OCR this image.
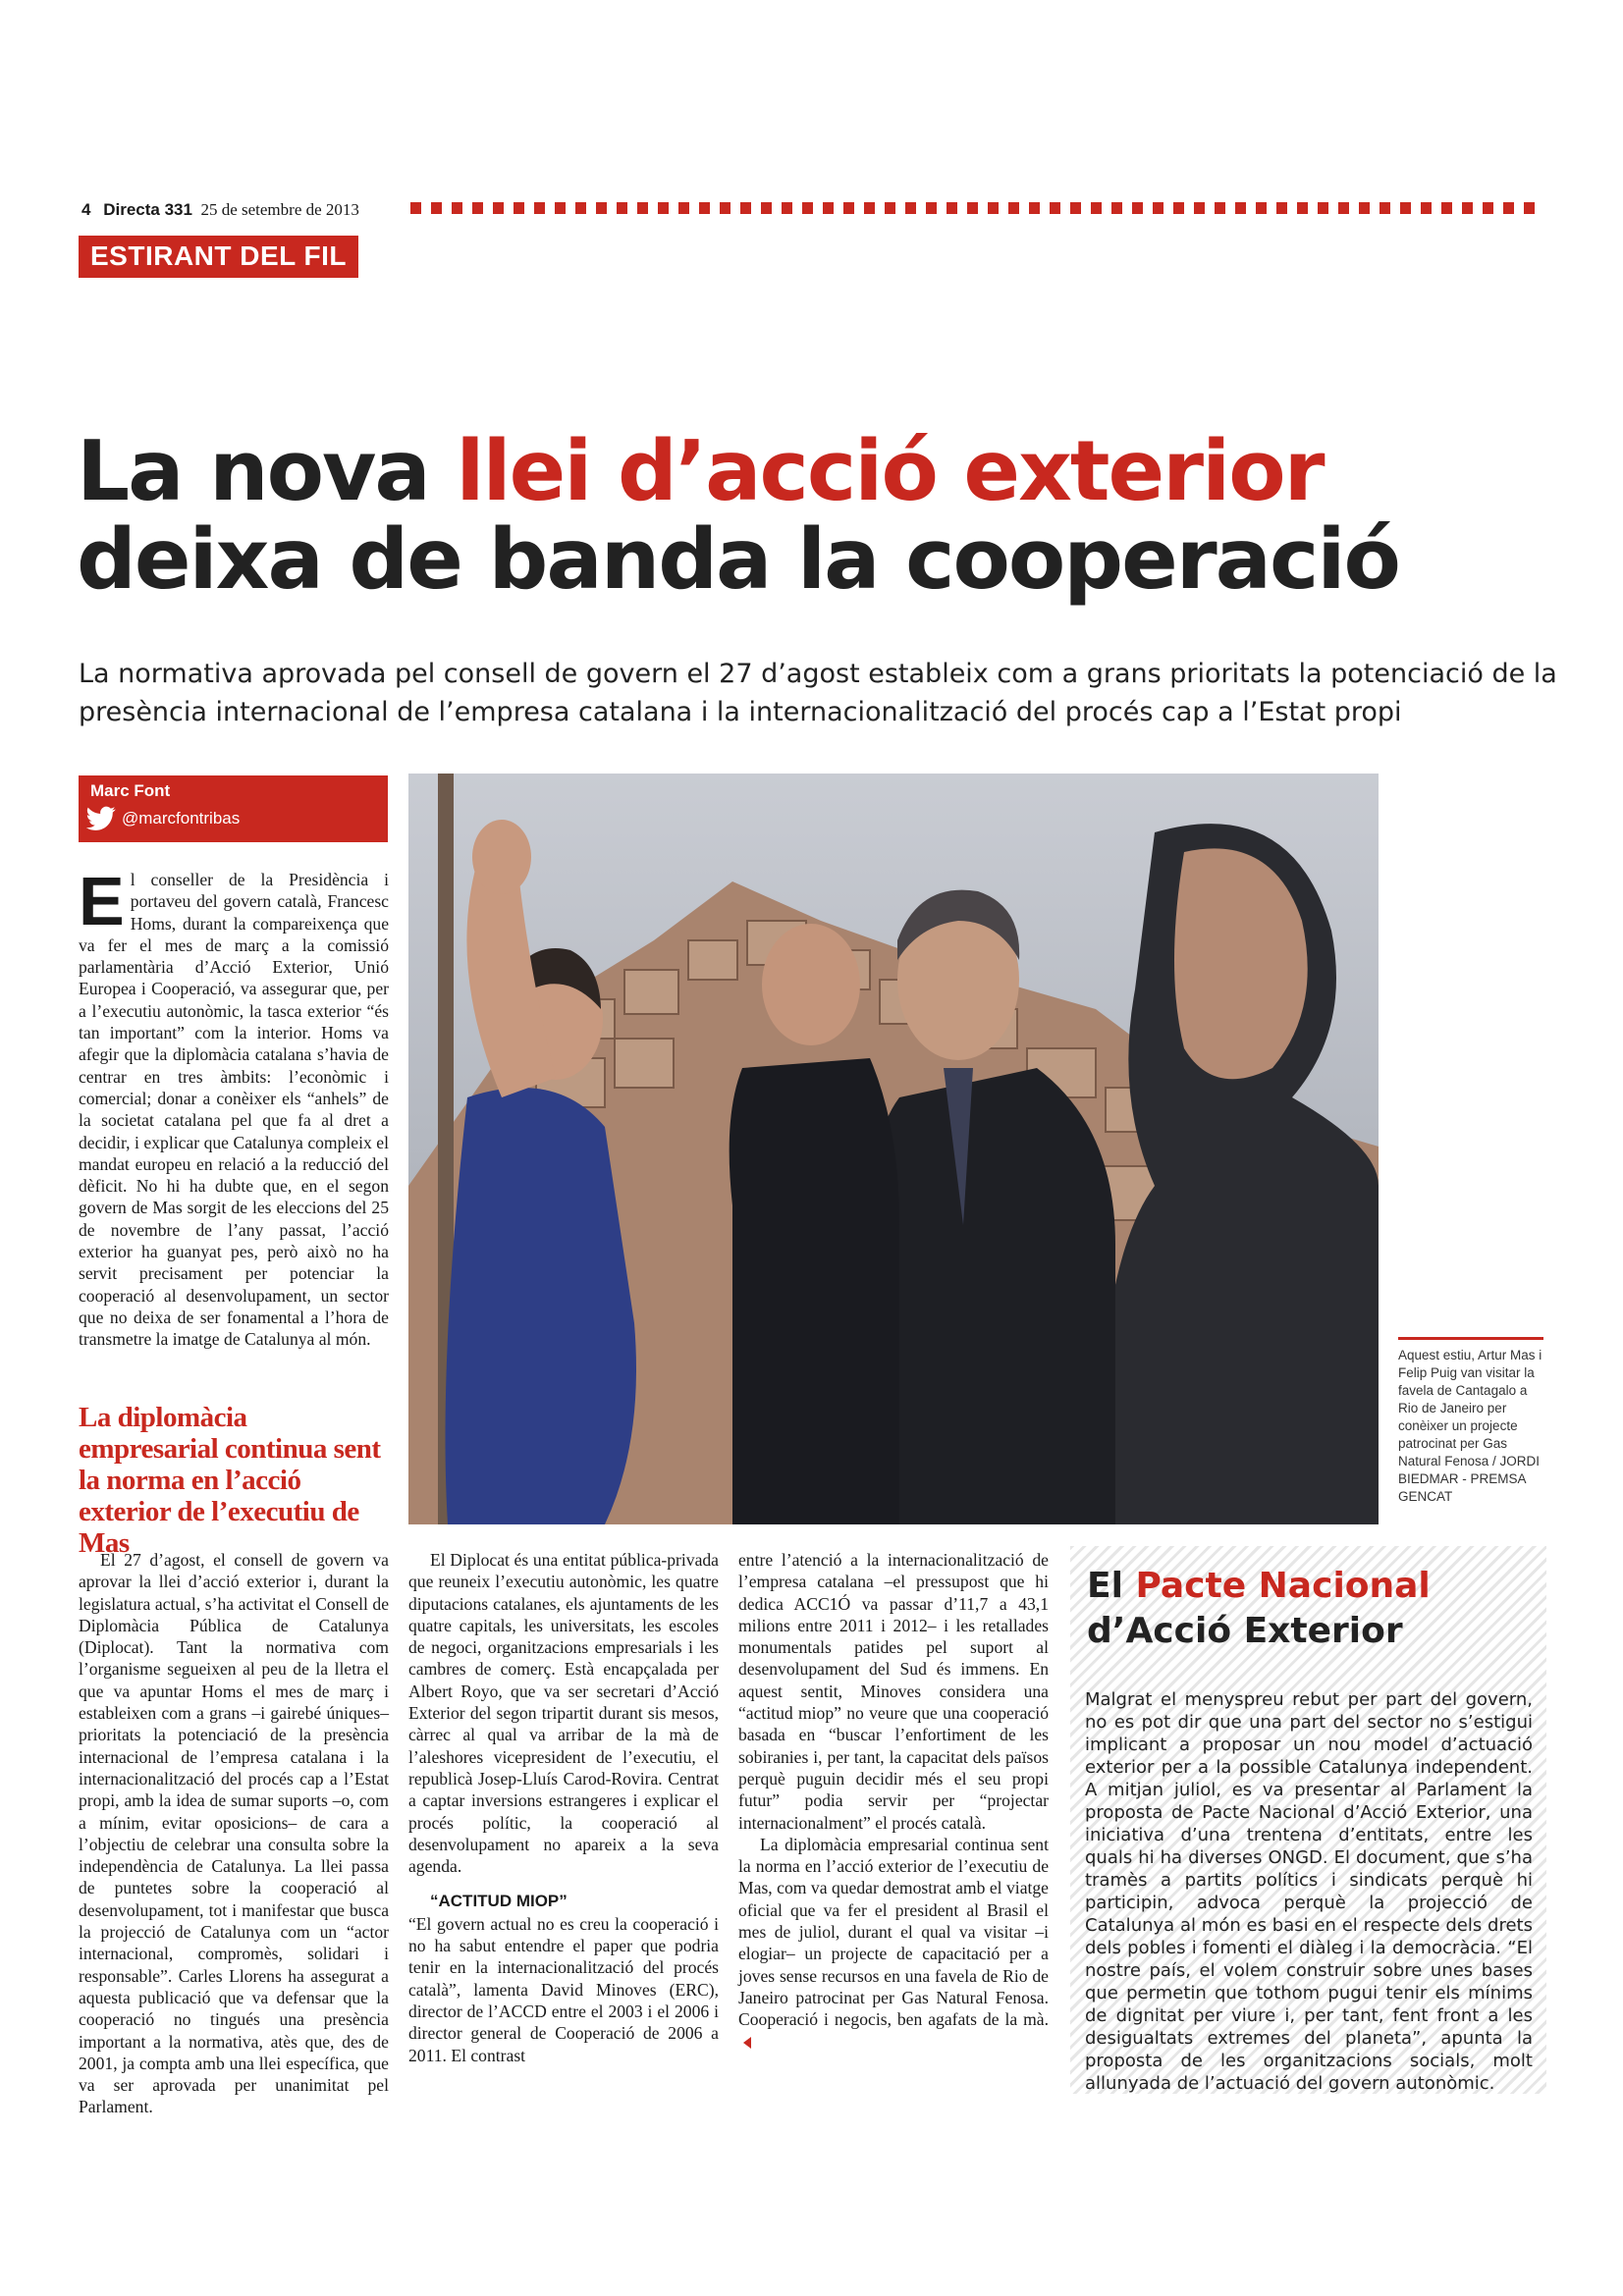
4 Directa 331 25 de setembre de 2013
ESTIRANT DEL FIL
La nova llei d’acció exterior
deixa de banda la cooperació

La normativa aprovada pel consell de govern el 27 d’agost estableix com a grans prioritats la potenciació de la presència internacional de l’empresa catalana i la internacionalització del procés cap a l’Estat propi

Marc Font
@marcfontribas

El conseller de la Presidència i portaveu del govern català, Francesc Homs, durant la compareixença que va fer el mes de març a la comissió parlamentària d’Acció Exterior, Unió Europea i Cooperació, va assegurar que, per a l’executiu autonòmic, la tasca exterior “és tan important” com la interior. Homs va afegir que la diplomàcia catalana s’havia de centrar en tres àmbits: l’econòmic i comercial; donar a conèixer els “anhels” de la societat catalana pel que fa al dret a decidir, i explicar que Catalunya compleix el mandat europeu en relació a la reducció del dèficit. No hi ha dubte que, en el segon govern de Mas sorgit de les eleccions del 25 de novembre de l’any passat, l’acció exterior ha guanyat pes, però això no ha servit precisament per potenciar la cooperació al desenvolupament, un sector que no deixa de ser fonamental a l’hora de transmetre la imatge de Catalunya al món.

La diplomàcia empresarial continua sent la norma en l’acció exterior de l’executiu de Mas

Aquest estiu, Artur Mas i Felip Puig van visitar la favela de Cantagalo a Rio de Janeiro per conèixer un projecte patrocinat per Gas Natural Fenosa / JORDI BIEDMAR - PREMSA GENCAT

El 27 d’agost, el consell de govern va aprovar la llei d’acció exterior i, durant la legislatura actual, s’ha activitat el Consell de Diplomàcia Pública de Catalunya (Diplocat). Tant la normativa com l’organisme segueixen al peu de la lletra el que va apuntar Homs el mes de març i estableixen com a grans –i gairebé úniques– prioritats la potenciació de la presència internacional de l’empresa catalana i la internacionalització del procés cap a l’Estat propi, amb la idea de sumar suports –o, com a mínim, evitar oposicions– de cara a l’objectiu de celebrar una consulta sobre la independència de Catalunya. La llei passa de puntetes sobre la cooperació al desenvolupament, tot i manifestar que busca la projecció de Catalunya com un “actor internacional, compromès, solidari i responsable”. Carles Llorens ha assegurat a aquesta publicació que va defensar que la cooperació no tingués una presència important a la normativa, atès que, des de 2001, ja compta amb una llei específica, que va ser aprovada per unanimitat pel Parlament.

El Diplocat és una entitat pública-privada que reuneix l’executiu autonòmic, les quatre diputacions catalanes, els ajuntaments de les quatre capitals, les universitats, les escoles de negoci, organitzacions empresarials i les cambres de comerç. Està encapçalada per Albert Royo, que va ser secretari d’Acció Exterior del segon tripartit durant sis mesos, càrrec al qual va arribar de la mà de l’aleshores vicepresident de l’executiu, el republicà Josep-Lluís Carod-Rovira. Centrat a captar inversions estrangeres i explicar el procés polític, la cooperació al desenvolupament no apareix a la seva agenda.

“ACTITUD MIOP”

“El govern actual no es creu la cooperació i no ha sabut entendre el paper que podria tenir en la internacionalització del procés català”, lamenta David Minoves (ERC), director de l’ACCD entre el 2003 i el 2006 i director general de Cooperació de 2006 a 2011. El contrast

entre l’atenció a la internacionalització de l’empresa catalana –el pressupost que hi dedica ACC1Ó va passar d’11,7 a 43,1 milions entre 2011 i 2012– i les retallades monumentals patides pel suport al desenvolupament del Sud és immens. En aquest sentit, Minoves considera una “actitud miop” no veure que una cooperació basada en “buscar l’enfortiment de les sobiranies i, per tant, la capacitat dels països perquè puguin decidir més el seu propi futur” podia servir per “projectar internacionalment” el procés català.

La diplomàcia empresarial continua sent la norma en l’acció exterior de l’executiu de Mas, com va quedar demostrat amb el viatge oficial que va fer el president al Brasil el mes de juliol, durant el qual va visitar –i elogiar– un projecte de capacitació per a joves sense recursos en una favela de Rio de Janeiro patrocinat per Gas Natural Fenosa. Cooperació i negocis, ben agafats de la mà.

El Pacte Nacional
d’Acció Exterior

Malgrat el menyspreu rebut per part del govern, no es pot dir que una part del sector no s’estigui implicant a proposar un nou model d’actuació exterior per a la possible Catalunya independent. A mitjan juliol, es va presentar al Parlament la proposta de Pacte Nacional d’Acció Exterior, una iniciativa d’una trentena d’entitats, entre les quals hi ha diverses ONGD. El document, que s’ha tramès a partits polítics i sindicats perquè hi participin, advoca perquè la projecció de Catalunya al món es basi en el respecte dels drets dels pobles i fomenti el diàleg i la democràcia. “El nostre país, el volem construir sobre unes bases que permetin que tothom pugui tenir els mínims de dignitat per viure i, per tant, fent front a les desigualtats extremes del planeta”, apunta la proposta de les organitzacions socials, molt allunyada de l’actuació del govern autonòmic.
